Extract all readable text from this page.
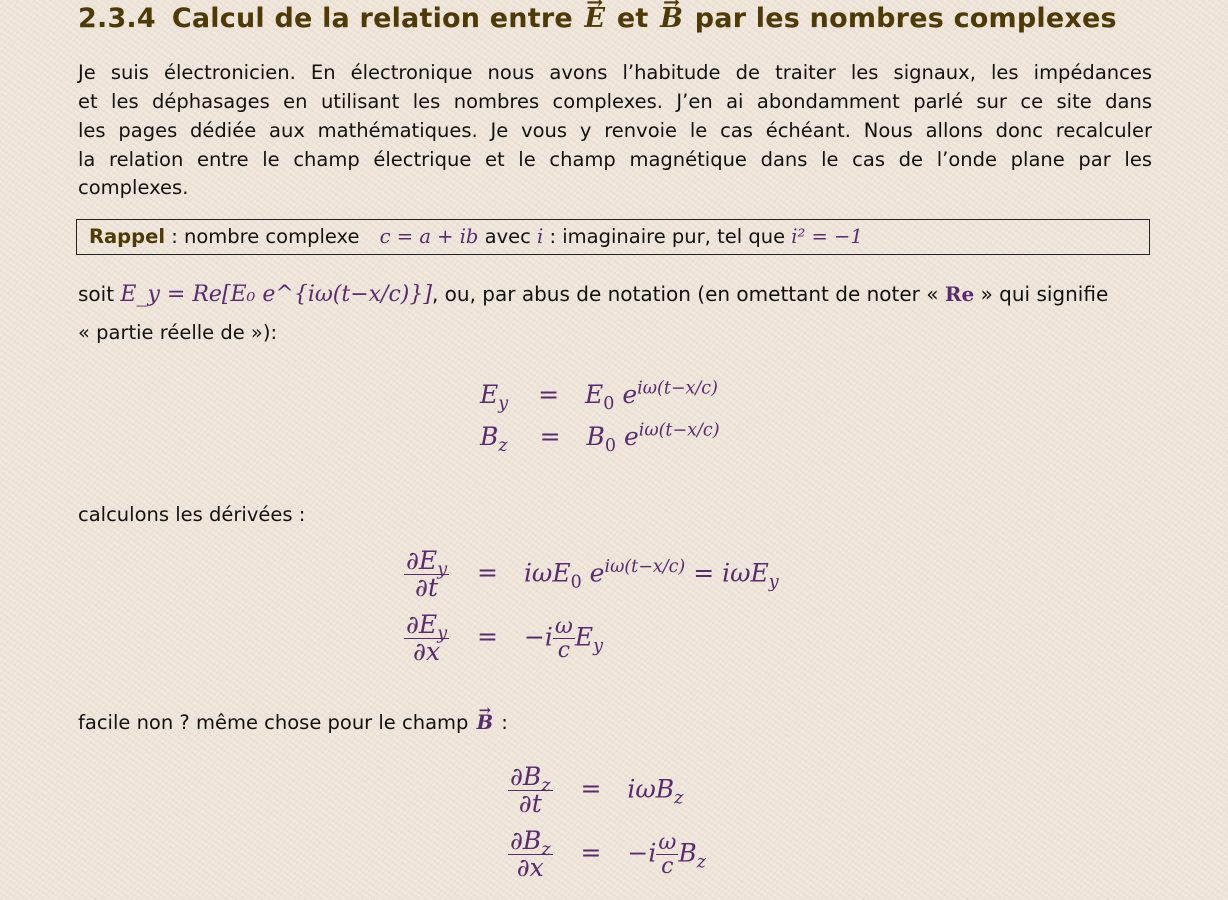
2.3.4 Calcul de la relation entre → E et → B par les nombres complexes
Je suis électronicien. En électronique nous avons l’habitude de traiter les signaux, les impédances
et les déphasages en utilisant les nombres complexes. J’en ai abondamment parlé sur ce site dans
les pages dédiée aux mathématiques. Je vous y renvoie le cas échéant. Nous allons donc recalculer
la relation entre le champ électrique et le champ magnétique dans le cas de l’onde plane par les
complexes.
Rappel : nombre complexe c = a + ib avec i : imaginaire pur, tel que i² = −1
soit E_y = Re[E₀ e^{iω(t−x/c)}], ou, par abus de notation (en omettant de noter « Re » qui signifie
« partie réelle de »):
$E_y = E_0$ $e^{i\omega(t-x/c)}$
$B_z = B_0$ $e^{i\omega(t-x/c)}$
calculons les dérivées :
$\frac{\partial E_y}{\partial t} = i\omega E_0$ $e^{i\omega(t-x/c)} = i\omega E_y$
$\frac{\partial E_y}{\partial x} = -i \frac{\omega}{c} E_y$
facile non ? même chose pour le champ → B :
$\frac{\partial B_z}{\partial t} = i\omega B_z$
$\frac{\partial B_z}{\partial x} = -i \frac{\omega}{c} B_z$
